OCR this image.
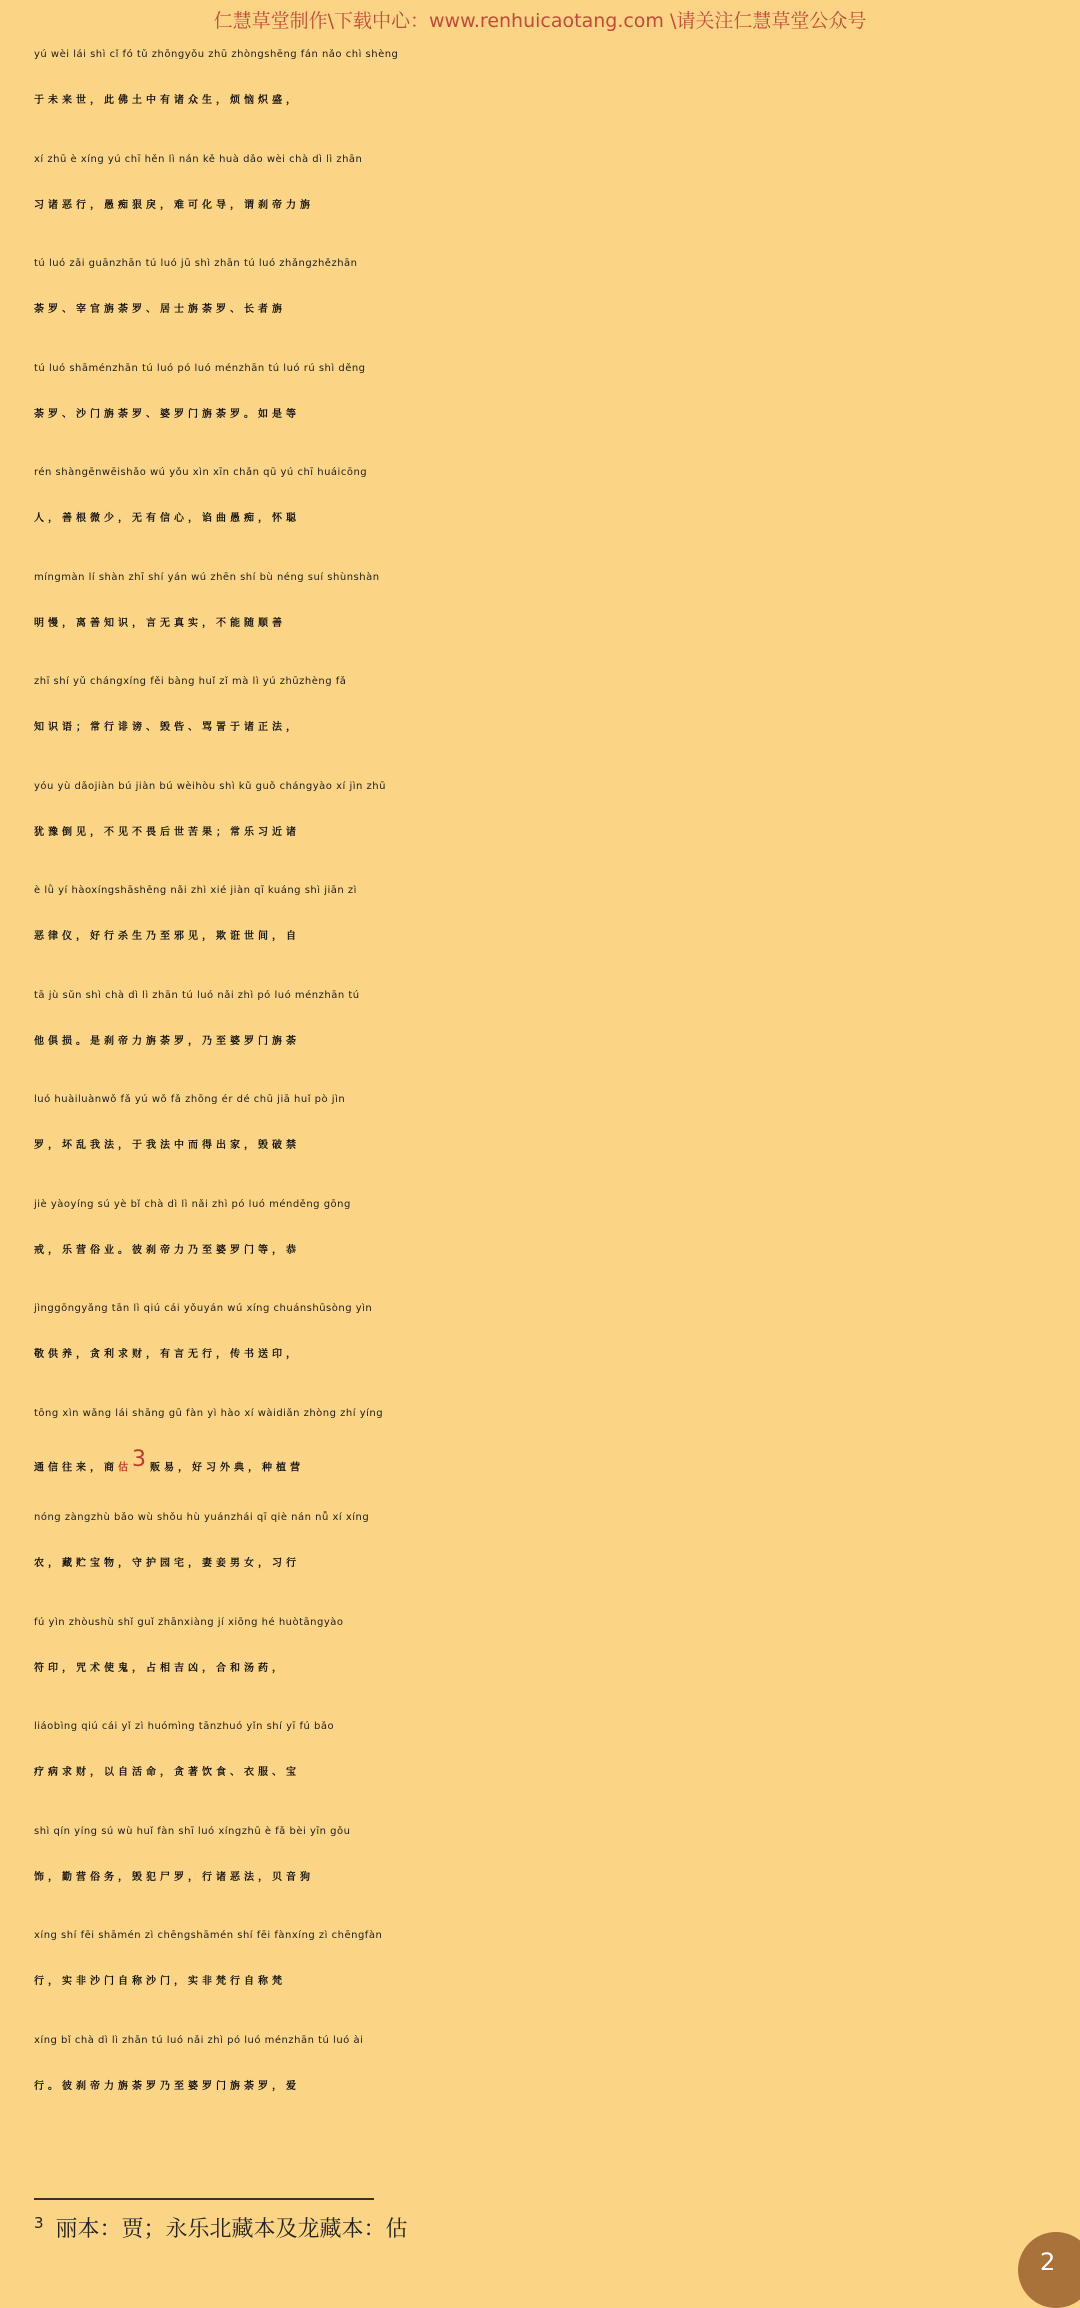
仁慧草堂制作\下载中心：www.renhuicaotang.com \请关注仁慧草堂公众号
yú wèi lái shì cǐ fó tǔ zhōngyǒu zhū zhòngshēng fán nǎo chì shèng
于未来世，此佛土中有诸众生，烦恼炽盛，
xí zhū è xíng yú chī hěn lì nán kě huà dǎo wèi chà dì lì zhān
习诸恶行，愚痴狠戾，难可化导，谓刹帝力旃
tú luó zǎi guānzhān tú luó jū shì zhān tú luó zhǎngzhězhān
荼罗、宰官旃荼罗、居士旃荼罗、长者旃
tú luó shāménzhān tú luó pó luó ménzhān tú luó rú shì děng
荼罗、沙门旃荼罗、婆罗门旃荼罗。如是等
rén shàngēnwēishǎo wú yǒu xìn xīn chǎn qū yú chī huáicōng
人，善根微少，无有信心，谄曲愚痴，怀聪
míngmàn lí shàn zhī shí yán wú zhēn shí bù néng suí shùnshàn
明慢，离善知识，言无真实，不能随顺善
zhī shí yǔ chángxíng fěi bàng huǐ zǐ mà lì yú zhūzhèng fǎ
知识语；常行诽谤、毁呰、骂詈于诸正法，
yóu yù dǎojiàn bú jiàn bú wèihòu shì kǔ guǒ chángyào xí jìn zhū
犹豫倒见，不见不畏后世苦果；常乐习近诸
è lǜ yí hàoxíngshāshēng nǎi zhì xié jiàn qī kuáng shì jiān zì
恶律仪，好行杀生乃至邪见，欺诳世间，自
tā jù sǔn shì chà dì lì zhān tú luó nǎi zhì pó luó ménzhān tú
他俱损。是刹帝力旃荼罗，乃至婆罗门旃荼
luó huàiluànwǒ fǎ yú wǒ fǎ zhōng ér dé chū jiā huǐ pò jìn
罗，坏乱我法，于我法中而得出家，毁破禁
jiè yàoyíng sú yè bǐ chà dì lì nǎi zhì pó luó ménděng gōng
戒，乐营俗业。彼刹帝力乃至婆罗门等，恭
jìnggōngyǎng tān lì qiú cái yǒuyán wú xíng chuánshūsòng yìn
敬供养，贪利求财，有言无行，传书送印，
tōng xìn wǎng lái shāng gū fàn yì hào xí wàidiǎn zhòng zhí yíng
通信往来，商估3贩易，好习外典，种植营
nóng zàngzhù bǎo wù shǒu hù yuánzhái qī qiè nán nǚ xí xíng
农，藏贮宝物，守护园宅，妻妾男女，习行
fú yìn zhòushù shǐ guǐ zhānxiàng jí xiōng hé huòtāngyào
符印，咒术使鬼，占相吉凶，合和汤药，
liáobìng qiú cái yǐ zì huómìng tānzhuó yǐn shí yī fú bǎo
疗病求财，以自活命，贪著饮食、衣服、宝
shì qín yíng sú wù huǐ fàn shī luó xíngzhū è fǎ bèi yīn gǒu
饰，勤营俗务，毁犯尸罗，行诸恶法，贝音狗
xíng shí fēi shāmén zì chēngshāmén shí fēi fànxíng zì chēngfàn
行，实非沙门自称沙门，实非梵行自称梵
xíng bǐ chà dì lì zhān tú luó nǎi zhì pó luó ménzhān tú luó ài
行。彼刹帝力旃荼罗乃至婆罗门旃荼罗，爱
$^3$ 丽本：贾；永乐北藏本及龙藏本：估
2
